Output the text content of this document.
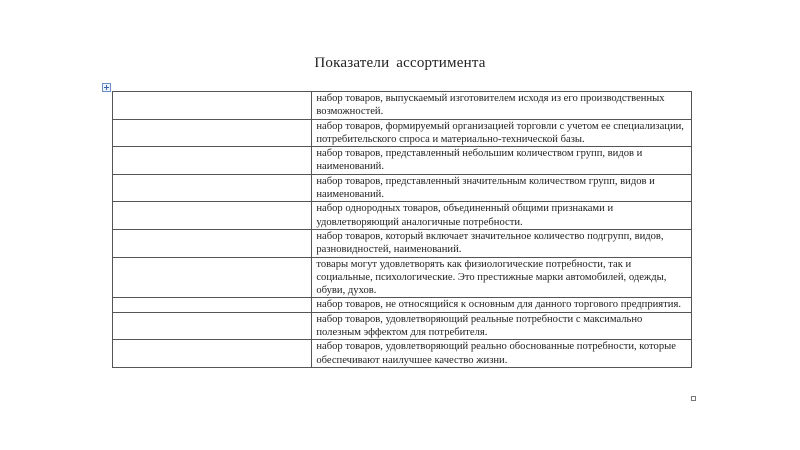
Показатели ассортимента
	набор товаров, выпускаемый изготовителем исходя из его производственных возможностей.
	набор товаров, формируемый организацией торговли с учетом ее специализации, потребительского спроса и материально-технической базы.
	набор товаров, представленный небольшим количеством групп, видов и наименований.
	набор товаров, представленный значительным количеством групп, видов и наименований.
	набор однородных товаров, объединенный общими признаками и удовлетворяющий аналогичные потребности.
	набор товаров, который включает значительное количество подгрупп, видов, разновидностей, наименований.
	товары могут удовлетворять как физиологические потребности, так и социальные, психологические. Это престижные марки автомобилей, одежды, обуви, духов.
	набор товаров, не относящийся к основным для данного торгового предприятия.
	набор товаров, удовлетворяющий реальные потребности с максимально полезным эффектом для потребителя.
	набор товаров, удовлетворяющий реально обоснованные потребности, которые обеспечивают наилучшее качество жизни.
